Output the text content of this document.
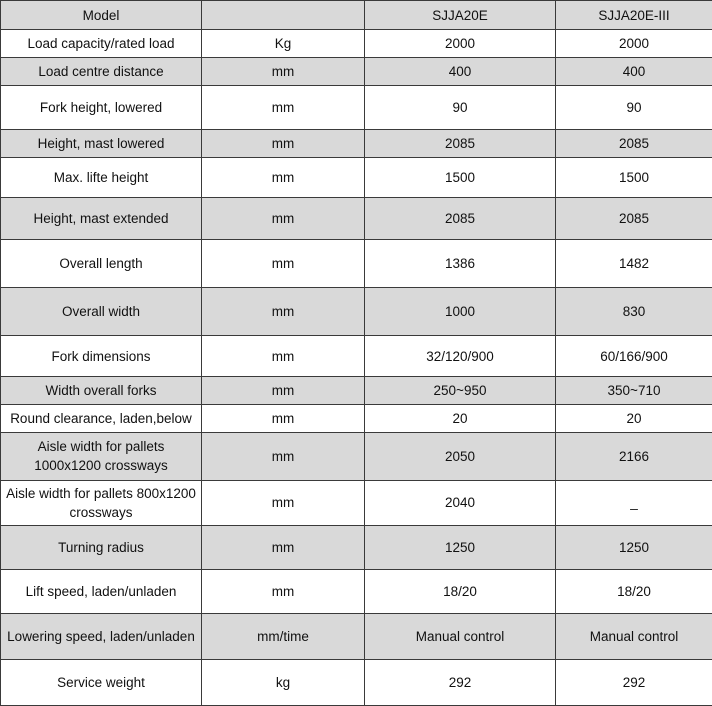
Model		SJJA20E	SJJA20E-III
Load capacity/rated load	Kg	2000	2000
Load centre distance	mm	400	400
Fork height, lowered	mm	90	90
Height, mast lowered	mm	2085	2085
Max. lifte height	mm	1500	1500
Height, mast extended	mm	2085	2085
Overall length	mm	1386	1482
Overall width	mm	1000	830
Fork dimensions	mm	32/120/900	60/166/900
Width overall forks	mm	250~950	350~710
Round clearance, laden,below	mm	20	20
Aisle width for pallets 1000x1200 crossways	mm	2050	2166
Aisle width for pallets 800x1200 crossways	mm	2040	_
Turning radius	mm	1250	1250
Lift speed, laden/unladen	mm	18/20	18/20
Lowering speed, laden/unladen	mm/time	Manual control	Manual control
Service weight	kg	292	292
